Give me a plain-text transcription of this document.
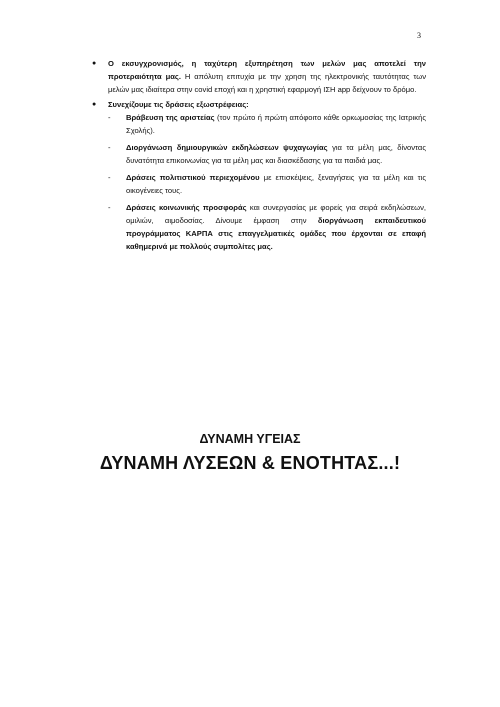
3
● Ο εκσυγχρονισμός, η ταχύτερη εξυπηρέτηση των μελών μας αποτελεί την προτεραιότητα μας. Η απόλυτη επιτυχία με την χρηση της ηλεκτρονικής ταυτότητας των μελών μας ιδιαίτερα στην covid εποχή και η χρηστική εφαρμογή ΙΣΗ app δείχνουν το δρόμο.
● Συνεχίζουμε τις δράσεις εξωστρέφειας:
- Βράβευση της αριστείας (τον πρώτο ή πρώτη απόφοιτο κάθε ορκωμοσίας της Ιατρικής Σχολής).
- Διοργάνωση δημιουργικών εκδηλώσεων ψυχαγωγίας για τα μέλη μας, δίνοντας δυνατότητα επικοινωνίας για τα μέλη μας και διασκέδασης για τα παιδιά μας.
- Δράσεις πολιτιστικού περιεχομένου με επισκέψεις, ξεναγήσεις για τα μέλη και τις οικογένειες τους.
- Δράσεις κοινωνικής προσφοράς και συνεργασίας με φορείς για σειρά εκδηλώσεων, ομιλιών, αιμοδοσίας. Δίνουμε έμφαση στην διοργάνωση εκπαιδευτικού προγράμματος ΚΑΡΠΑ στις επαγγελματικές ομάδες που έρχονται σε επαφή καθημερινά με πολλούς συμπολίτες μας.
ΔΥΝΑΜΗ ΥΓΕΙΑΣ
ΔΥΝΑΜΗ ΛΥΣΕΩΝ & ΕΝΟΤΗΤΑΣ...!
